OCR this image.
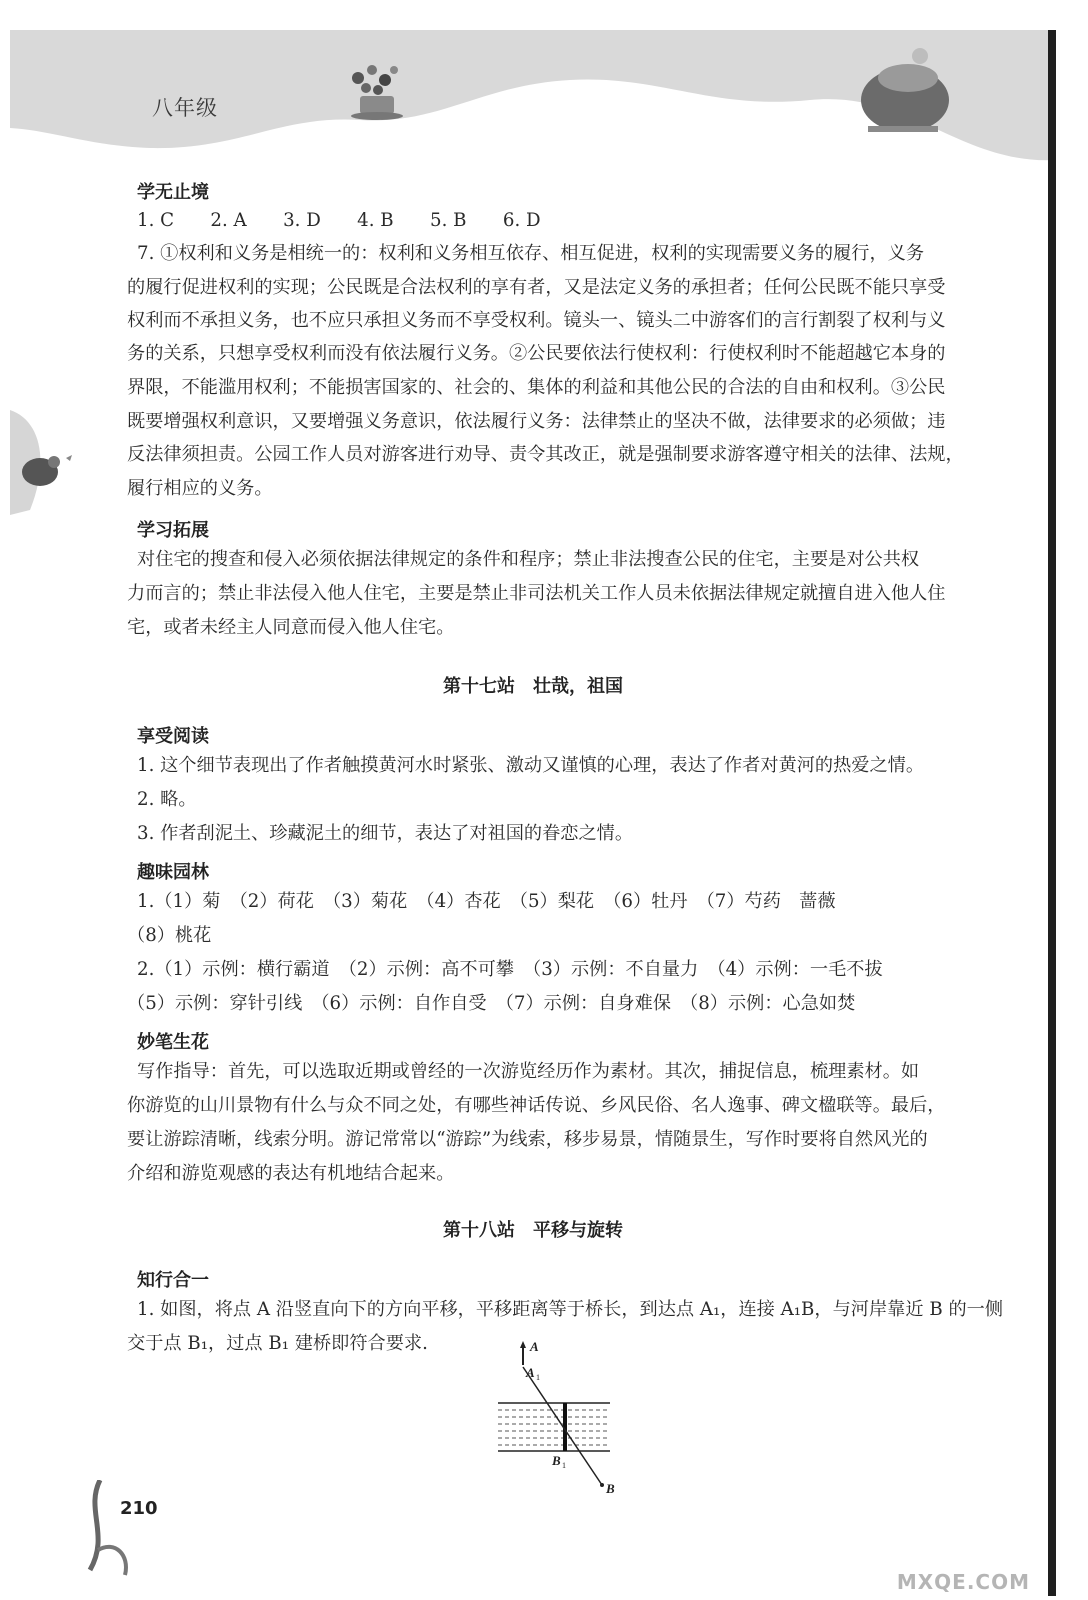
八年级
学无止境
1. C　　2. A　　3. D　　4. B　　5. B　　6. D
7. ①权利和义务是相统一的：权利和义务相互依存、相互促进，权利的实现需要义务的履行，义务
的履行促进权利的实现；公民既是合法权利的享有者，又是法定义务的承担者；任何公民既不能只享受
权利而不承担义务，也不应只承担义务而不享受权利。镜头一、镜头二中游客们的言行割裂了权利与义
务的关系，只想享受权利而没有依法履行义务。②公民要依法行使权利：行使权利时不能超越它本身的
界限，不能滥用权利；不能损害国家的、社会的、集体的利益和其他公民的合法的自由和权利。③公民
既要增强权利意识，又要增强义务意识，依法履行义务：法律禁止的坚决不做，法律要求的必须做；违
反法律须担责。公园工作人员对游客进行劝导、责令其改正，就是强制要求游客遵守相关的法律、法规，
履行相应的义务。
学习拓展
对住宅的搜查和侵入必须依据法律规定的条件和程序；禁止非法搜查公民的住宅，主要是对公共权
力而言的；禁止非法侵入他人住宅，主要是禁止非司法机关工作人员未依据法律规定就擅自进入他人住
宅，或者未经主人同意而侵入他人住宅。
第十七站　壮哉，祖国
享受阅读
1. 这个细节表现出了作者触摸黄河水时紧张、激动又谨慎的心理，表达了作者对黄河的热爱之情。
2. 略。
3. 作者刮泥土、珍藏泥土的细节，表达了对祖国的眷恋之情。
趣味园林
1.（1）菊　（2）荷花　（3）菊花　（4）杏花　（5）梨花　（6）牡丹　（7）芍药　蔷薇
（8）桃花
2.（1）示例：横行霸道　（2）示例：高不可攀　（3）示例：不自量力　（4）示例：一毛不拔
（5）示例：穿针引线　（6）示例：自作自受　（7）示例：自身难保　（8）示例：心急如焚
妙笔生花
写作指导：首先，可以选取近期或曾经的一次游览经历作为素材。其次，捕捉信息，梳理素材。如
你游览的山川景物有什么与众不同之处，有哪些神话传说、乡风民俗、名人逸事、碑文楹联等。最后，
要让游踪清晰，线索分明。游记常常以“游踪”为线索，移步易景，情随景生，写作时要将自然风光的
介绍和游览观感的表达有机地结合起来。
第十八站　平移与旋转
知行合一
1. 如图，将点 A 沿竖直向下的方向平移，平移距离等于桥长，到达点 A₁，连接 A₁B，与河岸靠近 B 的一侧
交于点 B₁，过点 B₁ 建桥即符合要求.	A
A 1
B 1
B
210
MXQE.COM
